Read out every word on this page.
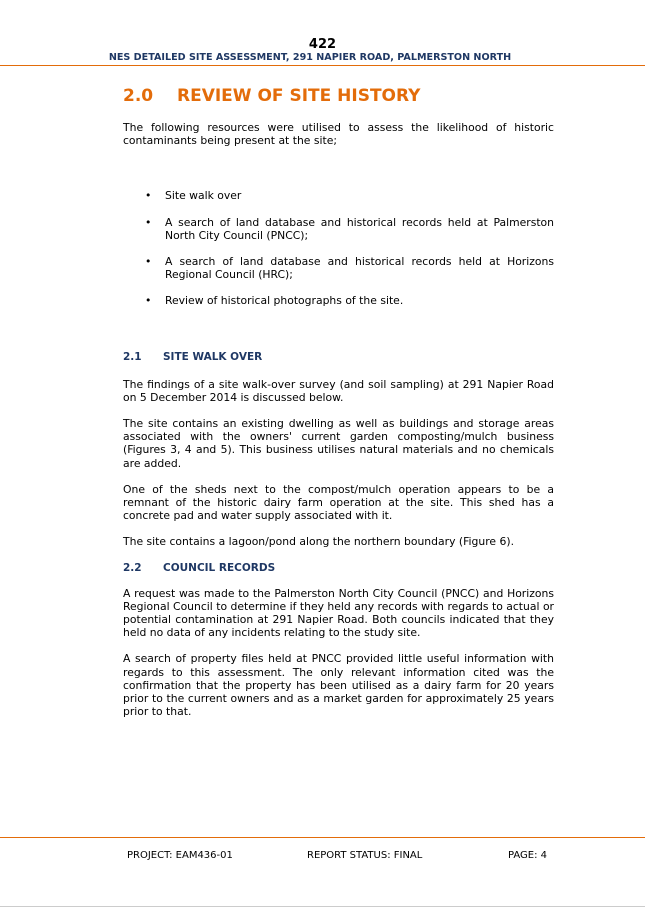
422
NES DETAILED SITE ASSESSMENT, 291 NAPIER ROAD, PALMERSTON NORTH
2.0	REVIEW OF SITE HISTORY

The following resources were utilised to assess the likelihood of historic contaminants being present at the site;

• Site walk over
• A search of land database and historical records held at Palmerston North City Council (PNCC);
• A search of land database and historical records held at Horizons Regional Council (HRC);
• Review of historical photographs of the site.
2.1	SITE WALK OVER

The findings of a site walk-over survey (and soil sampling) at 291 Napier Road on 5 December 2014 is discussed below.

The site contains an existing dwelling as well as buildings and storage areas associated with the owners' current garden composting/mulch business (Figures 3, 4 and 5). This business utilises natural materials and no chemicals are added.

One of the sheds next to the compost/mulch operation appears to be a remnant of the historic dairy farm operation at the site. This shed has a concrete pad and water supply associated with it.

The site contains a lagoon/pond along the northern boundary (Figure 6).

2.2	COUNCIL RECORDS

A request was made to the Palmerston North City Council (PNCC) and Horizons Regional Council to determine if they held any records with regards to actual or potential contamination at 291 Napier Road. Both councils indicated that they held no data of any incidents relating to the study site.

A search of property files held at PNCC provided little useful information with regards to this assessment. The only relevant information cited was the confirmation that the property has been utilised as a dairy farm for 20 years prior to the current owners and as a market garden for approximately 25 years prior to that.

PROJECT: EAM436-01	REPORT STATUS: FINAL	PAGE: 4
